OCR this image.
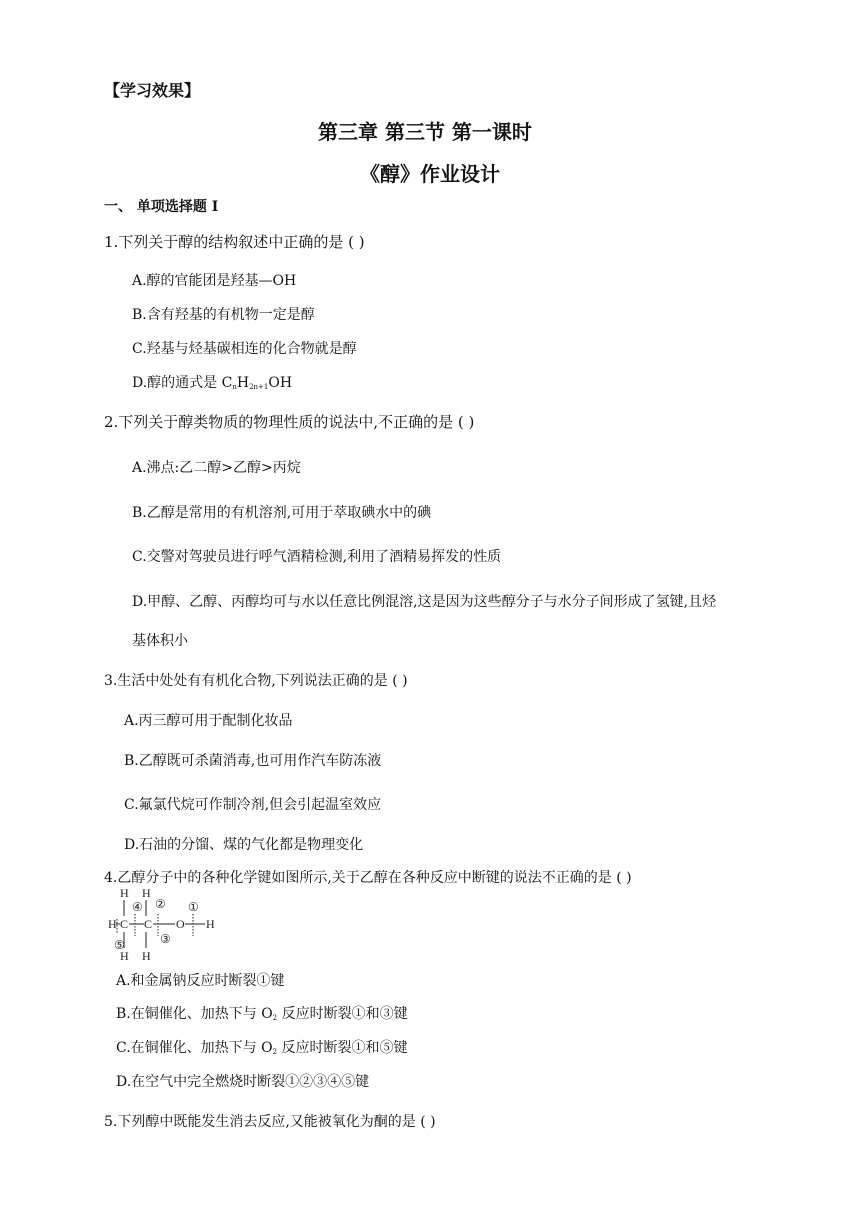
【学习效果】
第三章 第三节 第一课时
《醇》作业设计
一、 单项选择题 I
1.下列关于醇的结构叙述中正确的是 ( )
A.醇的官能团是羟基—OH
B.含有羟基的有机物一定是醇
C.羟基与烃基碳相连的化合物就是醇
D.醇的通式是 $C_nH_{2n+1}OH$
2.下列关于醇类物质的物理性质的说法中,不正确的是 ( )
A.沸点:乙二醇>乙醇>丙烷
B.乙醇是常用的有机溶剂,可用于萃取碘水中的碘
C.交警对驾驶员进行呼气酒精检测,利用了酒精易挥发的性质
D.甲醇、乙醇、丙醇均可与水以任意比例混溶,这是因为这些醇分子与水分子间形成了氢键,且烃
基体积小
3.生活中处处有有机化合物,下列说法正确的是 ( )
A.丙三醇可用于配制化妆品
B.乙醇既可杀菌消毒,也可用作汽车防冻液
C.氟氯代烷可作制冷剂,但会引起温室效应
D.石油的分馏、煤的气化都是物理变化
4.乙醇分子中的各种化学键如图所示,关于乙醇在各种反应中断键的说法不正确的是 ( )
H H
H C C O H
H H
④ ② ①
③
⑤
A.和金属钠反应时断裂①键
B.在铜催化、加热下与 $O_2$ 反应时断裂①和③键
C.在铜催化、加热下与 $O_2$ 反应时断裂①和⑤键
D.在空气中完全燃烧时断裂①②③④⑤键
5.下列醇中既能发生消去反应,又能被氧化为酮的是 ( )
